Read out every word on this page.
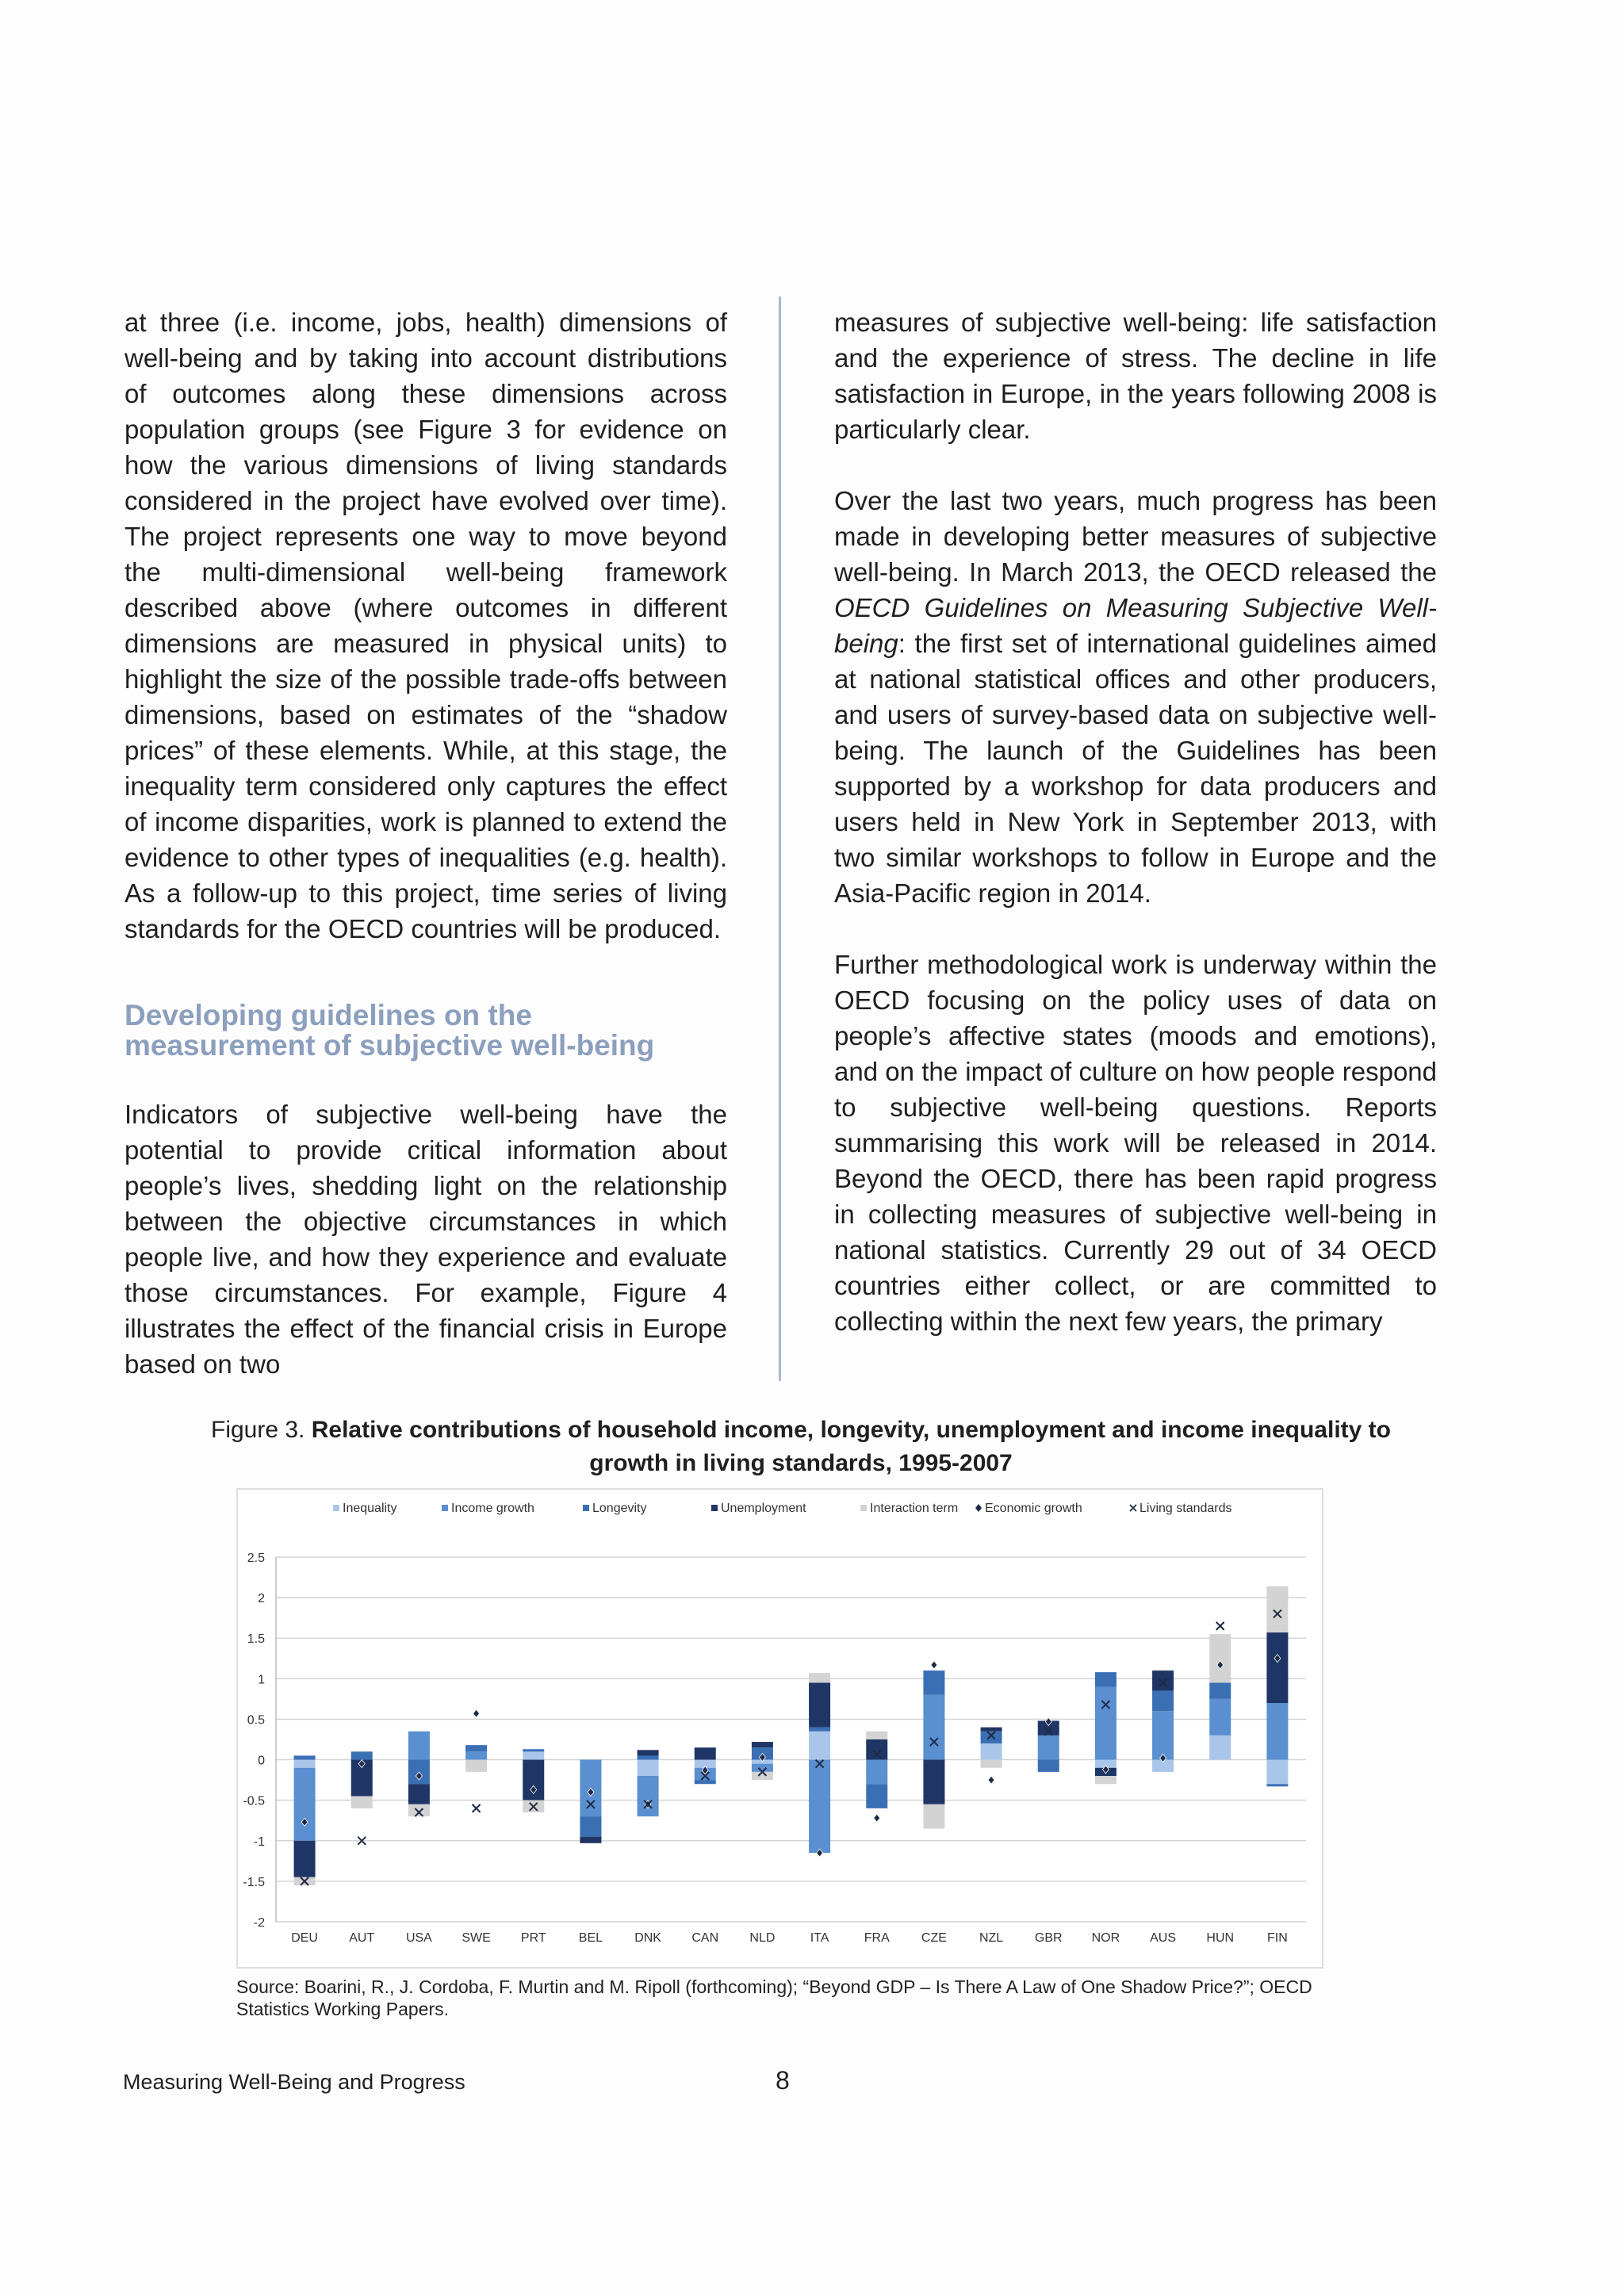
at three (i.e. income, jobs, health) dimensions of well-being and by taking into account distributions of outcomes along these dimensions across population groups (see Figure 3 for evidence on how the various dimensions of living standards considered in the project have evolved over time). The project represents one way to move beyond the multi-dimensional well-being framework described above (where outcomes in different dimensions are measured in physical units) to highlight the size of the possible trade-offs between dimensions, based on estimates of the “shadow prices” of these elements. While, at this stage, the inequality term considered only captures the effect of income disparities, work is planned to extend the evidence to other types of inequalities (e.g. health). As a follow-up to this project, time series of living standards for the OECD countries will be produced.

Developing guidelines on the measurement of subjective well-being

Indicators of subjective well-being have the potential to provide critical information about people’s lives, shedding light on the relationship between the objective circumstances in which people live, and how they experience and evaluate those circumstances. For example, Figure 4 illustrates the effect of the financial crisis in Europe based on two

measures of subjective well-being: life satisfaction and the experience of stress. The decline in life satisfaction in Europe, in the years following 2008 is particularly clear.

Over the last two years, much progress has been made in developing better measures of subjective well-being. In March 2013, the OECD released the OECD Guidelines on Measuring Subjective Well-being: the first set of international guidelines aimed at national statistical offices and other producers, and users of survey-based data on subjective well-being. The launch of the Guidelines has been supported by a workshop for data producers and users held in New York in September 2013, with two similar workshops to follow in Europe and the Asia-Pacific region in 2014.

Further methodological work is underway within the OECD focusing on the policy uses of data on people’s affective states (moods and emotions), and on the impact of culture on how people respond to subjective well-being questions. Reports summarising this work will be released in 2014. Beyond the OECD, there has been rapid progress in collecting measures of subjective well-being in national statistics. Currently 29 out of 34 OECD countries either collect, or are committed to collecting within the next few years, the primary

Figure 3. Relative contributions of household income, longevity, unemployment and income inequality to growth in living standards, 1995-2007
2.5
2
1.5
1
0.5
0
-0.5
-1
-1.5
-2
DEU AUT USA SWE PRT	BEL	DNK CAN NLD	ITA	FRA	CZE	NZL GBR NOR AUS HUN	FIN
Inequality	Income growth	Longevity	Unemployment	Interaction term Economic growth	Living standards
Source: Boarini, R., J. Cordoba, F. Murtin and M. Ripoll (forthcoming); “Beyond GDP – Is There A Law of One Shadow Price?”; OECD Statistics Working Papers.
Measuring Well-Being and Progress	8
